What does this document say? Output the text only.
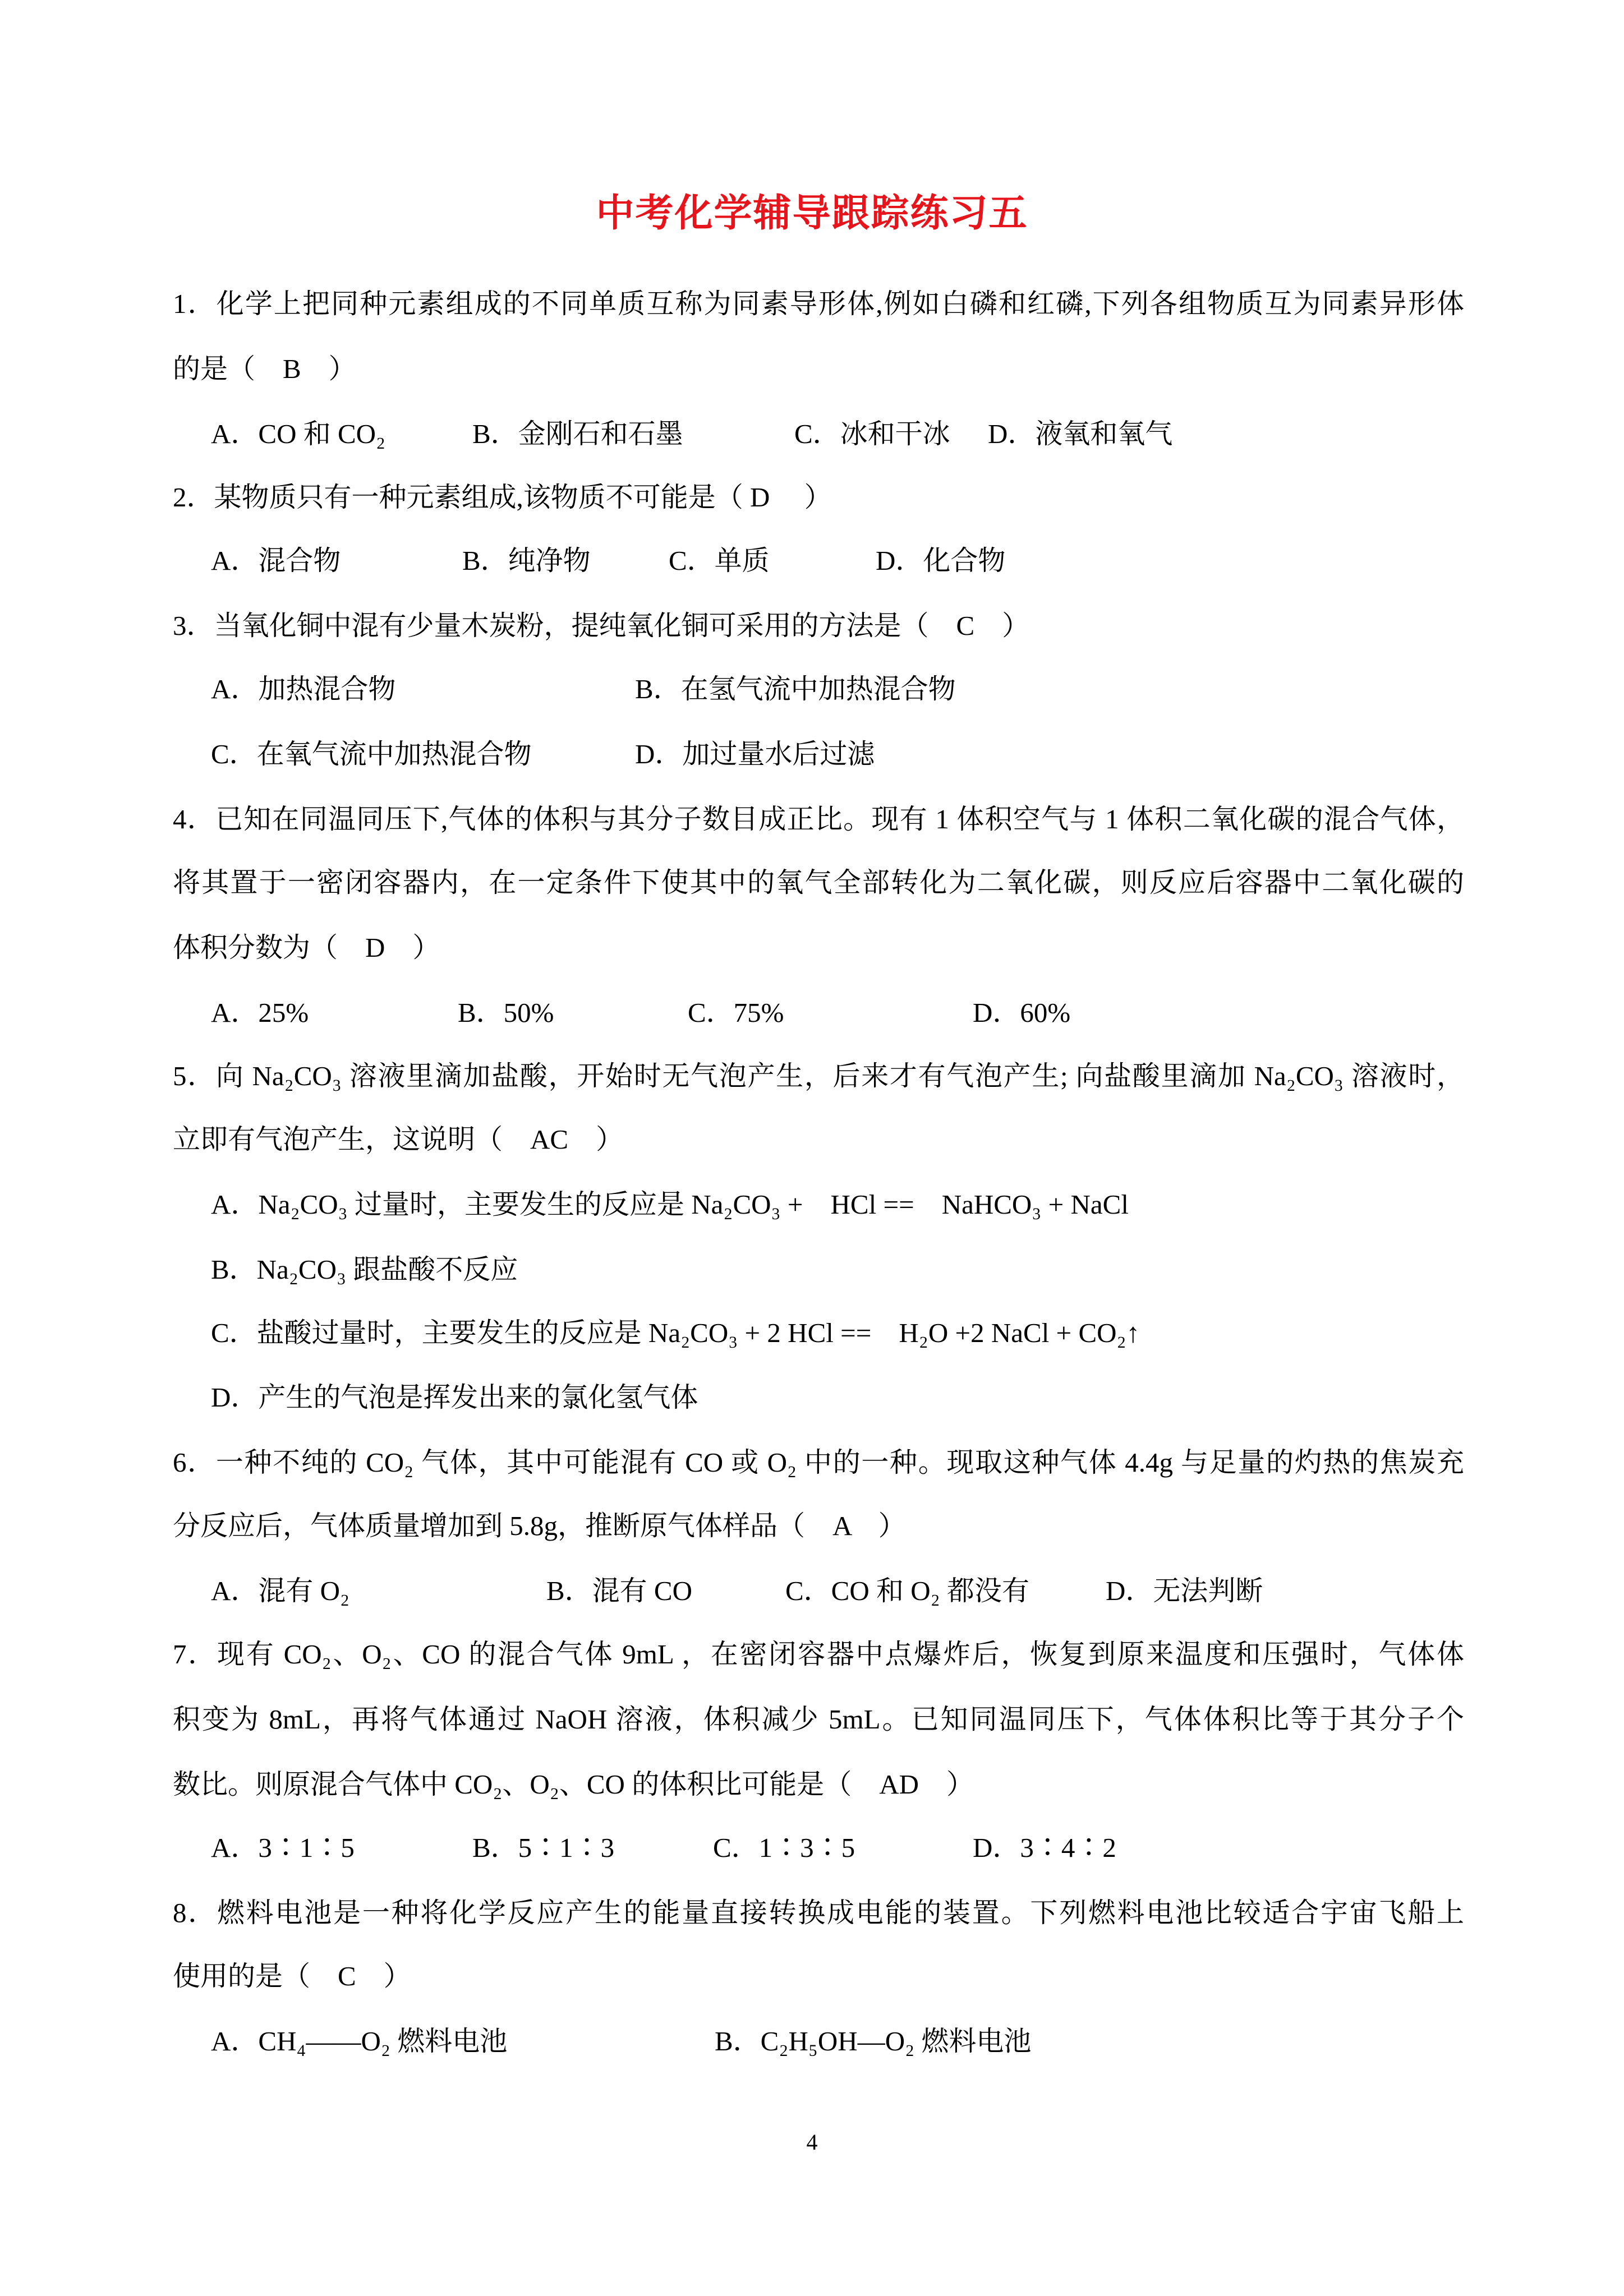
中考化学辅导跟踪练习五
1．化学上把同种元素组成的不同单质互称为同素导形体,例如白磷和红磷,下列各组物质互为同素异形体
的是（　B　）
A．CO 和 CO₂	B．金刚石和石墨	C．冰和干冰 D．液氧和氧气
2．某物质只有一种元素组成,该物质不可能是（ D　 ）
A．混合物	B．纯净物	C．单质	D．化合物
3．当氧化铜中混有少量木炭粉，提纯氧化铜可采用的方法是（　C　）
A．加热混合物	B．在氢气流中加热混合物
C．在氧气流中加热混合物	D．加过量水后过滤
4．已知在同温同压下,气体的体积与其分子数目成正比。现有 1 体积空气与 1 体积二氧化碳的混合气体，
将其置于一密闭容器内，在一定条件下使其中的氧气全部转化为二氧化碳，则反应后容器中二氧化碳的
体积分数为（　D　）
A．25%	B．50%	C．75%	D．60%
5．向 Na₂CO₃ 溶液里滴加盐酸，开始时无气泡产生，后来才有气泡产生; 向盐酸里滴加 Na₂CO₃ 溶液时，
立即有气泡产生，这说明（　AC　）
A．Na₂CO₃ 过量时，主要发生的反应是 Na₂CO₃ +　HCl ==　NaHCO₃ + NaCl
B．Na₂CO₃ 跟盐酸不反应
C．盐酸过量时，主要发生的反应是 Na₂CO₃ + 2 HCl ==　H₂O +2 NaCl + CO₂↑
D．产生的气泡是挥发出来的氯化氢气体
6．一种不纯的 CO₂ 气体，其中可能混有 CO 或 O₂ 中的一种。现取这种气体 4.4g 与足量的灼热的焦炭充
分反应后，气体质量增加到 5.8g，推断原气体样品（　A　）
A．混有 O₂	B．混有 CO	C．CO 和 O₂ 都没有	D．无法判断
7．现有 CO₂、O₂、CO 的混合气体 9mL ，在密闭容器中点爆炸后，恢复到原来温度和压强时，气体体
积变为 8mL，再将气体通过 NaOH 溶液，体积减少 5mL。已知同温同压下，气体体积比等于其分子个
数比。则原混合气体中 CO₂、O₂、CO 的体积比可能是（　AD　）
A．3∶1∶5	B．5∶1∶3	C．1∶3∶5	D．3∶4∶2
8．燃料电池是一种将化学反应产生的能量直接转换成电能的装置。下列燃料电池比较适合宇宙飞船上
使用的是（　C　）
A．CH₄——O₂ 燃料电池	B．C₂H₅OH—O₂ 燃料电池
4
